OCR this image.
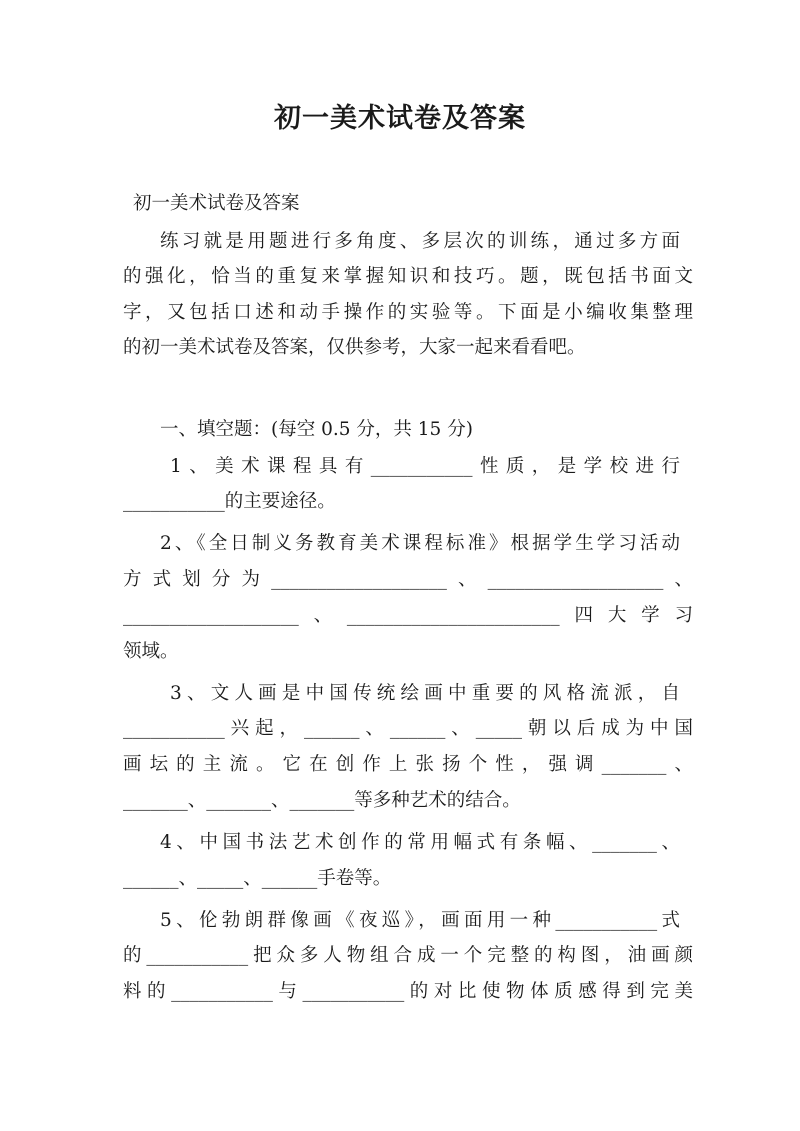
初一美术试卷及答案
初一美术试卷及答案
练习就是用题进行多角度、多层次的训练，通过多方面
的强化，恰当的重复来掌握知识和技巧。题，既包括书面文
字，又包括口述和动手操作的实验等。下面是小编收集整理
的初一美术试卷及答案，仅供参考，大家一起来看看吧。
一、填空题：(每空 0.5 分，共 15 分)
1、美术课程具有___________性质，是学校进行
___________的主要途径。
2、《全日制义务教育美术课程标准》根据学生学习活动
方式划分为___________________、___________________、
___________________、_______________________四大学习
领域。
3、文人画是中国传统绘画中重要的风格流派，自
___________兴起，______、______、_____朝以后成为中国
画坛的主流。它在创作上张扬个性，强调_______、
_______、_______、_______等多种艺术的结合。
4、中国书法艺术创作的常用幅式有条幅、_______、
______、_____、______手卷等。
5、伦勃朗群像画《夜巡》，画面用一种___________式
的___________把众多人物组合成一个完整的构图，油画颜
料的___________与___________的对比使物体质感得到完美
